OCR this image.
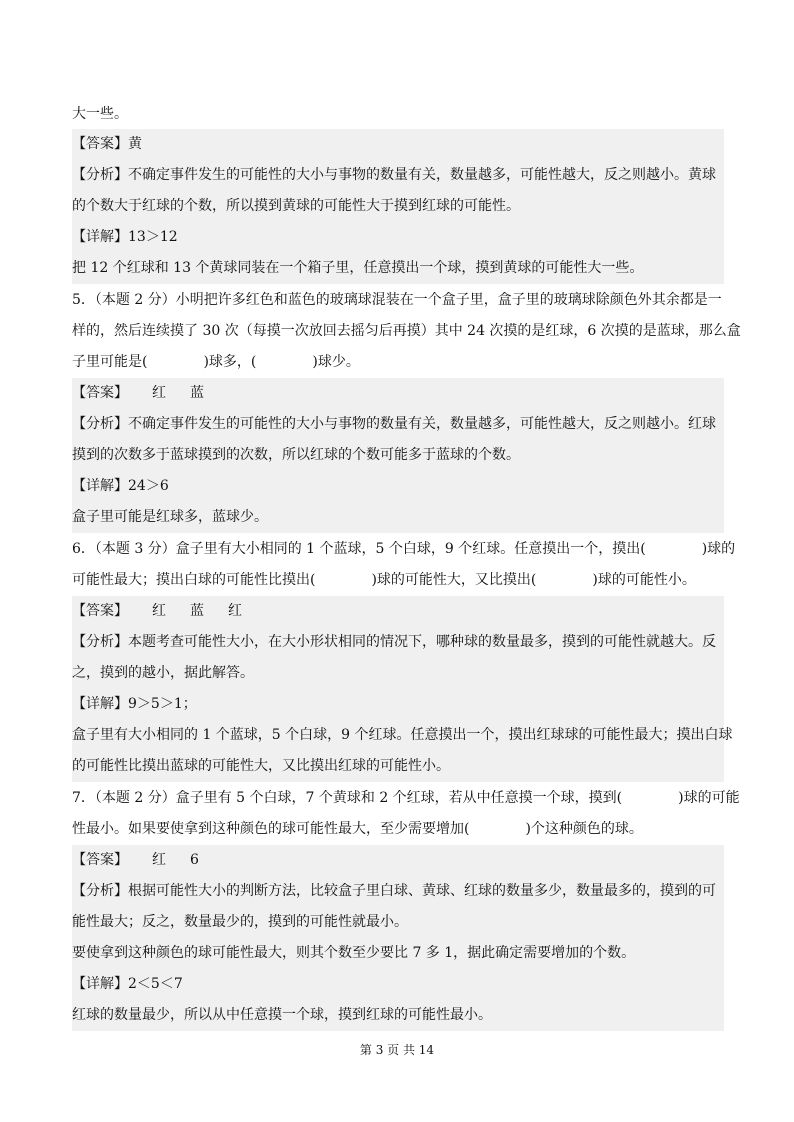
大一些。
【答案】黄
【分析】不确定事件发生的可能性的大小与事物的数量有关，数量越多，可能性越大，反之则越小。黄球
的个数大于红球的个数，所以摸到黄球的可能性大于摸到红球的可能性。
【详解】13＞12
把 12 个红球和 13 个黄球同装在一个箱子里，任意摸出一个球，摸到黄球的可能性大一些。
5．（本题 2 分）小明把许多红色和蓝色的玻璃球混装在一个盒子里，盒子里的玻璃球除颜色外其余都是一
样的，然后连续摸了 30 次（每摸一次放回去摇匀后再摸）其中 24 次摸的是红球，6 次摸的是蓝球，那么盒
子里可能是(	)球多，(	)球少。
【答案】 红 蓝
【分析】不确定事件发生的可能性的大小与事物的数量有关，数量越多，可能性越大，反之则越小。红球
摸到的次数多于蓝球摸到的次数，所以红球的个数可能多于蓝球的个数。
【详解】24＞6
盒子里可能是红球多，蓝球少。
6．（本题 3 分）盒子里有大小相同的 1 个蓝球，5 个白球，9 个红球。任意摸出一个，摸出(	)球的
可能性最大；摸出白球的可能性比摸出(	)球的可能性大，又比摸出(	)球的可能性小。
【答案】 红 蓝 红
【分析】本题考查可能性大小，在大小形状相同的情况下，哪种球的数量最多，摸到的可能性就越大。反
之，摸到的越小，据此解答。
【详解】9＞5＞1；
盒子里有大小相同的 1 个蓝球，5 个白球，9 个红球。任意摸出一个，摸出红球球的可能性最大；摸出白球
的可能性比摸出蓝球的可能性大，又比摸出红球的可能性小。
7．（本题 2 分）盒子里有 5 个白球，7 个黄球和 2 个红球，若从中任意摸一个球，摸到(	)球的可能
性最小。如果要使拿到这种颜色的球可能性最大，至少需要增加(	)个这种颜色的球。
【答案】 红 6
【分析】根据可能性大小的判断方法，比较盒子里白球、黄球、红球的数量多少，数量最多的，摸到的可
能性最大；反之，数量最少的，摸到的可能性就最小。
要使拿到这种颜色的球可能性最大，则其个数至少要比 7 多 1，据此确定需要增加的个数。
【详解】2＜5＜7
红球的数量最少，所以从中任意摸一个球，摸到红球的可能性最小。
第 3 页 共 14
